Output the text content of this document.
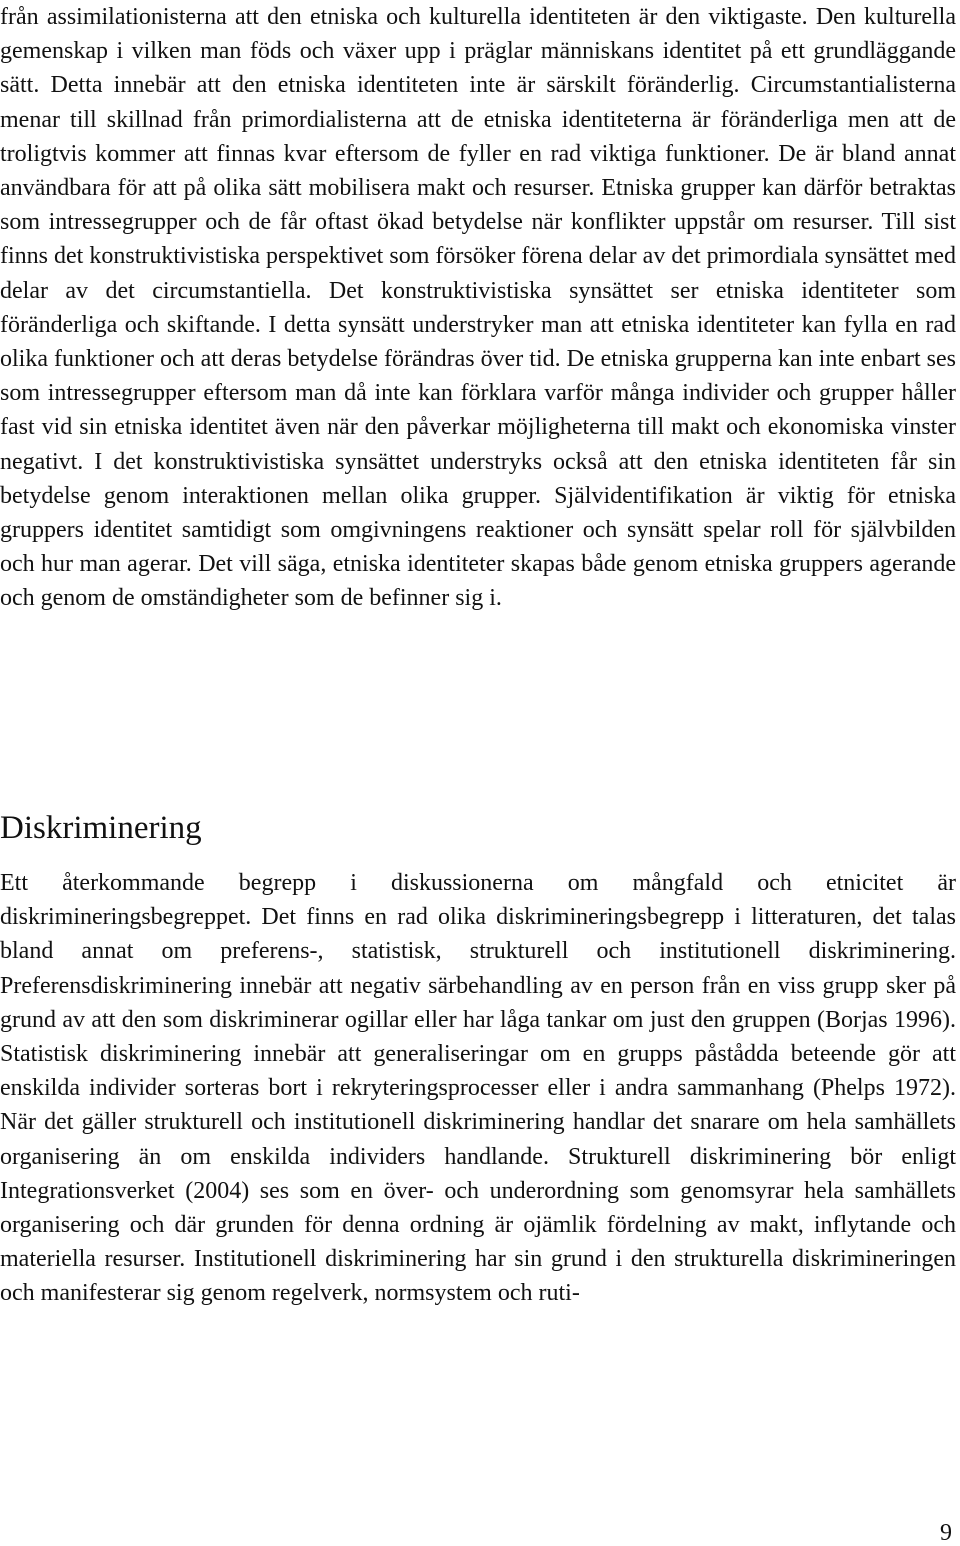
från assimilationisterna att den etniska och kulturella identiteten är den viktigaste. Den kulturella gemenskap i vilken man föds och växer upp i präglar människans identitet på ett grundläggande sätt. Detta innebär att den etniska identiteten inte är särskilt föränderlig. Circumstantialisterna menar till skillnad från primordialisterna att de etniska identiteterna är föränderliga men att de troligtvis kommer att finnas kvar eftersom de fyller en rad viktiga funktioner. De är bland annat användbara för att på olika sätt mobilisera makt och resurser. Etniska grupper kan därför betraktas som intressegrupper och de får oftast ökad betydelse när konflikter uppstår om resurser. Till sist finns det konstruktivistiska perspektivet som försöker förena delar av det primordiala synsättet med delar av det circumstantiella. Det konstruktivistiska synsättet ser etniska identiteter som föränderliga och skiftande. I detta synsätt understryker man att etniska identiteter kan fylla en rad olika funktioner och att deras betydelse förändras över tid. De etniska grupperna kan inte enbart ses som intressegrupper eftersom man då inte kan förklara varför många individer och grupper håller fast vid sin etniska identitet även när den påverkar möjligheterna till makt och ekonomiska vinster negativt. I det konstruktivistiska synsättet understryks också att den etniska identiteten får sin betydelse genom interaktionen mellan olika grupper. Självidentifikation är viktig för etniska gruppers identitet samtidigt som omgivningens reaktioner och synsätt spelar roll för självbilden och hur man agerar. Det vill säga, etniska identiteter skapas både genom etniska gruppers agerande och genom de omständigheter som de befinner sig i.

Diskriminering

Ett återkommande begrepp i diskussionerna om mångfald och etnicitet är diskrimineringsbegreppet. Det finns en rad olika diskrimineringsbegrepp i litteraturen, det talas bland annat om preferens-, statistisk, strukturell och institutionell diskriminering. Preferensdiskriminering innebär att negativ särbehandling av en person från en viss grupp sker på grund av att den som diskriminerar ogillar eller har låga tankar om just den gruppen (Borjas 1996). Statistisk diskriminering innebär att generaliseringar om en grupps påstådda beteende gör att enskilda individer sorteras bort i rekryteringsprocesser eller i andra sammanhang (Phelps 1972). När det gäller strukturell och institutionell diskriminering handlar det snarare om hela samhällets organisering än om enskilda individers handlande. Strukturell diskriminering bör enligt Integrationsverket (2004) ses som en över- och underordning som genomsyrar hela samhällets organisering och där grunden för denna ordning är ojämlik fördelning av makt, inflytande och materiella resurser. Institutionell diskriminering har sin grund i den strukturella diskrimineringen och manifesterar sig genom regelverk, normsystem och ruti-

9
